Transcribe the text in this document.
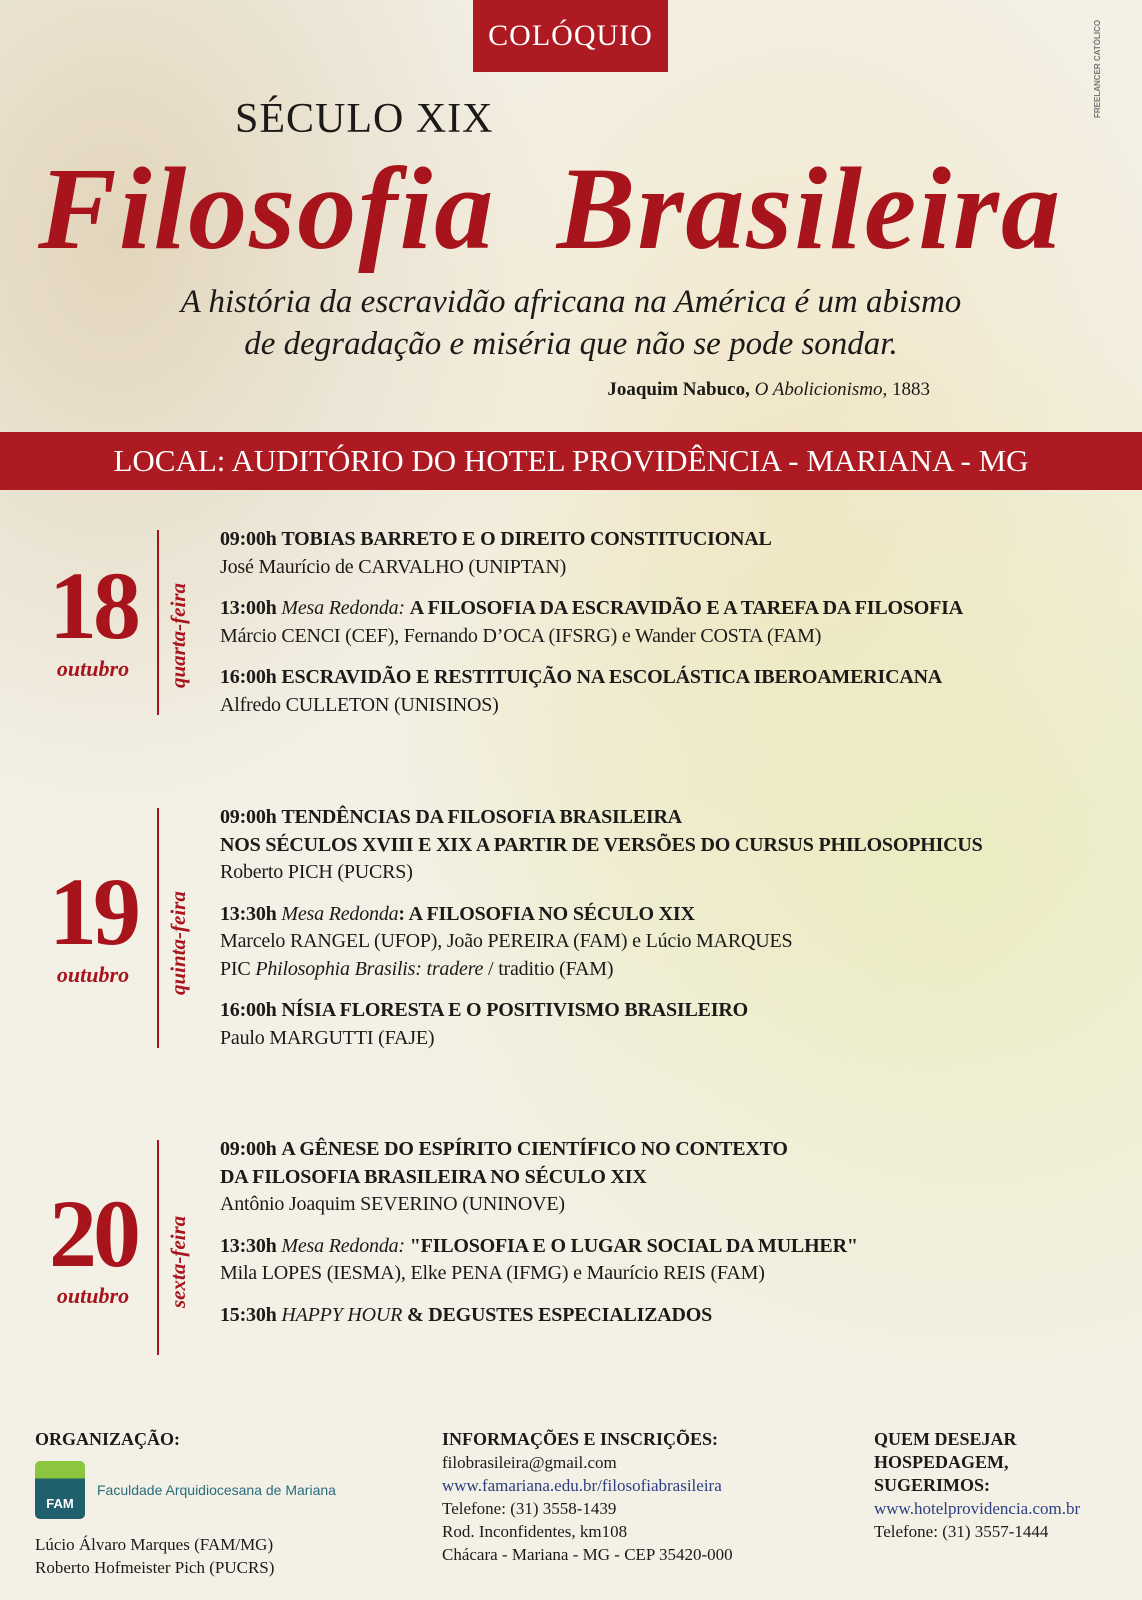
COLÓQUIO	FREELANCER CATÓLICO
SÉCULO XIX
Filosofia Brasileira
A história da escravidão africana na América é um abismo
de degradação e miséria que não se pode sondar.
Joaquim Nabuco, O Abolicionismo, 1883
LOCAL: AUDITÓRIO DO HOTEL PROVIDÊNCIA - MARIANA - MG
18
outubro	quarta-feira

09:00h TOBIAS BARRETO E O DIREITO CONSTITUCIONAL
José Maurício de CARVALHO (UNIPTAN)

13:00h Mesa Redonda: A FILOSOFIA DA ESCRAVIDÃO E A TAREFA DA FILOSOFIA
Márcio CENCI (CEF), Fernando D’OCA (IFSRG) e Wander COSTA (FAM)

16:00h ESCRAVIDÃO E RESTITUIÇÃO NA ESCOLÁSTICA IBEROAMERICANA
Alfredo CULLETON (UNISINOS)

19
outubro	quinta-feira

09:00h TENDÊNCIAS DA FILOSOFIA BRASILEIRA
NOS SÉCULOS XVIII E XIX A PARTIR DE VERSÕES DO CURSUS PHILOSOPHICUS
Roberto PICH (PUCRS)

13:30h Mesa Redonda: A FILOSOFIA NO SÉCULO XIX
Marcelo RANGEL (UFOP), João PEREIRA (FAM) e Lúcio MARQUES
PIC Philosophia Brasilis: tradere / traditio (FAM)

16:00h NÍSIA FLORESTA E O POSITIVISMO BRASILEIRO
Paulo MARGUTTI (FAJE)

20
outubro	sexta-feira

09:00h A GÊNESE DO ESPÍRITO CIENTÍFICO NO CONTEXTO
DA FILOSOFIA BRASILEIRA NO SÉCULO XIX
Antônio Joaquim SEVERINO (UNINOVE)

13:30h Mesa Redonda: "FILOSOFIA E O LUGAR SOCIAL DA MULHER"
Mila LOPES (IESMA), Elke PENA (IFMG) e Maurício REIS (FAM)

15:30h HAPPY HOUR & DEGUSTES ESPECIALIZADOS

ORGANIZAÇÃO:
FAM
Faculdade Arquidiocesana de Mariana
Lúcio Álvaro Marques (FAM/MG)
Roberto Hofmeister Pich (PUCRS)
INFORMAÇÕES E INSCRIÇÕES:
filobrasileira@gmail.com
www.famariana.edu.br/filosofiabrasileira
Telefone: (31) 3558-1439
Rod. Inconfidentes, km108
Chácara - Mariana - MG - CEP 35420-000
QUEM DESEJAR
HOSPEDAGEM,
SUGERIMOS:
www.hotelprovidencia.com.br
Telefone: (31) 3557-1444
